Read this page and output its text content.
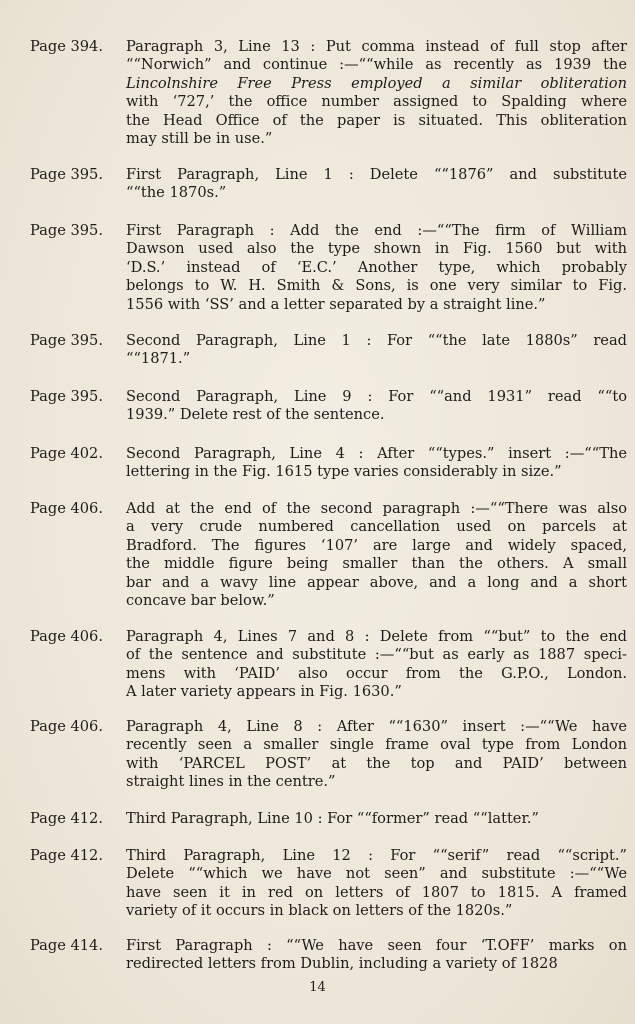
Page 394.	Paragraph 3, Line 13 : Put comma instead of full stop after
““Norwich” and continue :—““while as recently as 1939 the
Lincolnshire Free Press employed a similar obliteration
with ‘727,’ the office number assigned to Spalding where
the Head Office of the paper is situated. This obliteration
may still be in use.”
Page 395.	First Paragraph, Line 1 : Delete ““1876” and substitute
““the 1870s.”
Page 395.	First Paragraph : Add the end :—““The firm of William
Dawson used also the type shown in Fig. 1560 but with
‘D.S.’ instead of ‘E.C.’ Another type, which probably
belongs to W. H. Smith & Sons, is one very similar to Fig.
1556 with ‘SS’ and a letter separated by a straight line.”
Page 395.	Second Paragraph, Line 1 : For ““the late 1880s” read
““1871.”
Page 395.	Second Paragraph, Line 9 : For ““and 1931” read ““to
1939.” Delete rest of the sentence.
Page 402.	Second Paragraph, Line 4 : After ““types.” insert :—““The
lettering in the Fig. 1615 type varies considerably in size.”
Page 406.	Add at the end of the second paragraph :—““There was also
a very crude numbered cancellation used on parcels at
Bradford. The figures ‘107’ are large and widely spaced,
the middle figure being smaller than the others. A small
bar and a wavy line appear above, and a long and a short
concave bar below.”
Page 406.	Paragraph 4, Lines 7 and 8 : Delete from ““but” to the end
of the sentence and substitute :—““but as early as 1887 speci-
mens with ‘PAID’ also occur from the G.P.O., London.
A later variety appears in Fig. 1630.”
Page 406.	Paragraph 4, Line 8 : After ““1630” insert :—““We have
recently seen a smaller single frame oval type from London
with ‘PARCEL POST’ at the top and PAID’ between
straight lines in the centre.”
Page 412.	Third Paragraph, Line 10 : For ““former” read ““latter.”
Page 412.	Third Paragraph, Line 12 : For ““serif” read ““script.”
Delete ““which we have not seen” and substitute :—““We
have seen it in red on letters of 1807 to 1815. A framed
variety of it occurs in black on letters of the 1820s.”
Page 414.	First Paragraph : ““We have seen four ‘T.OFF’ marks on
redirected letters from Dublin, including a variety of 1828
14
